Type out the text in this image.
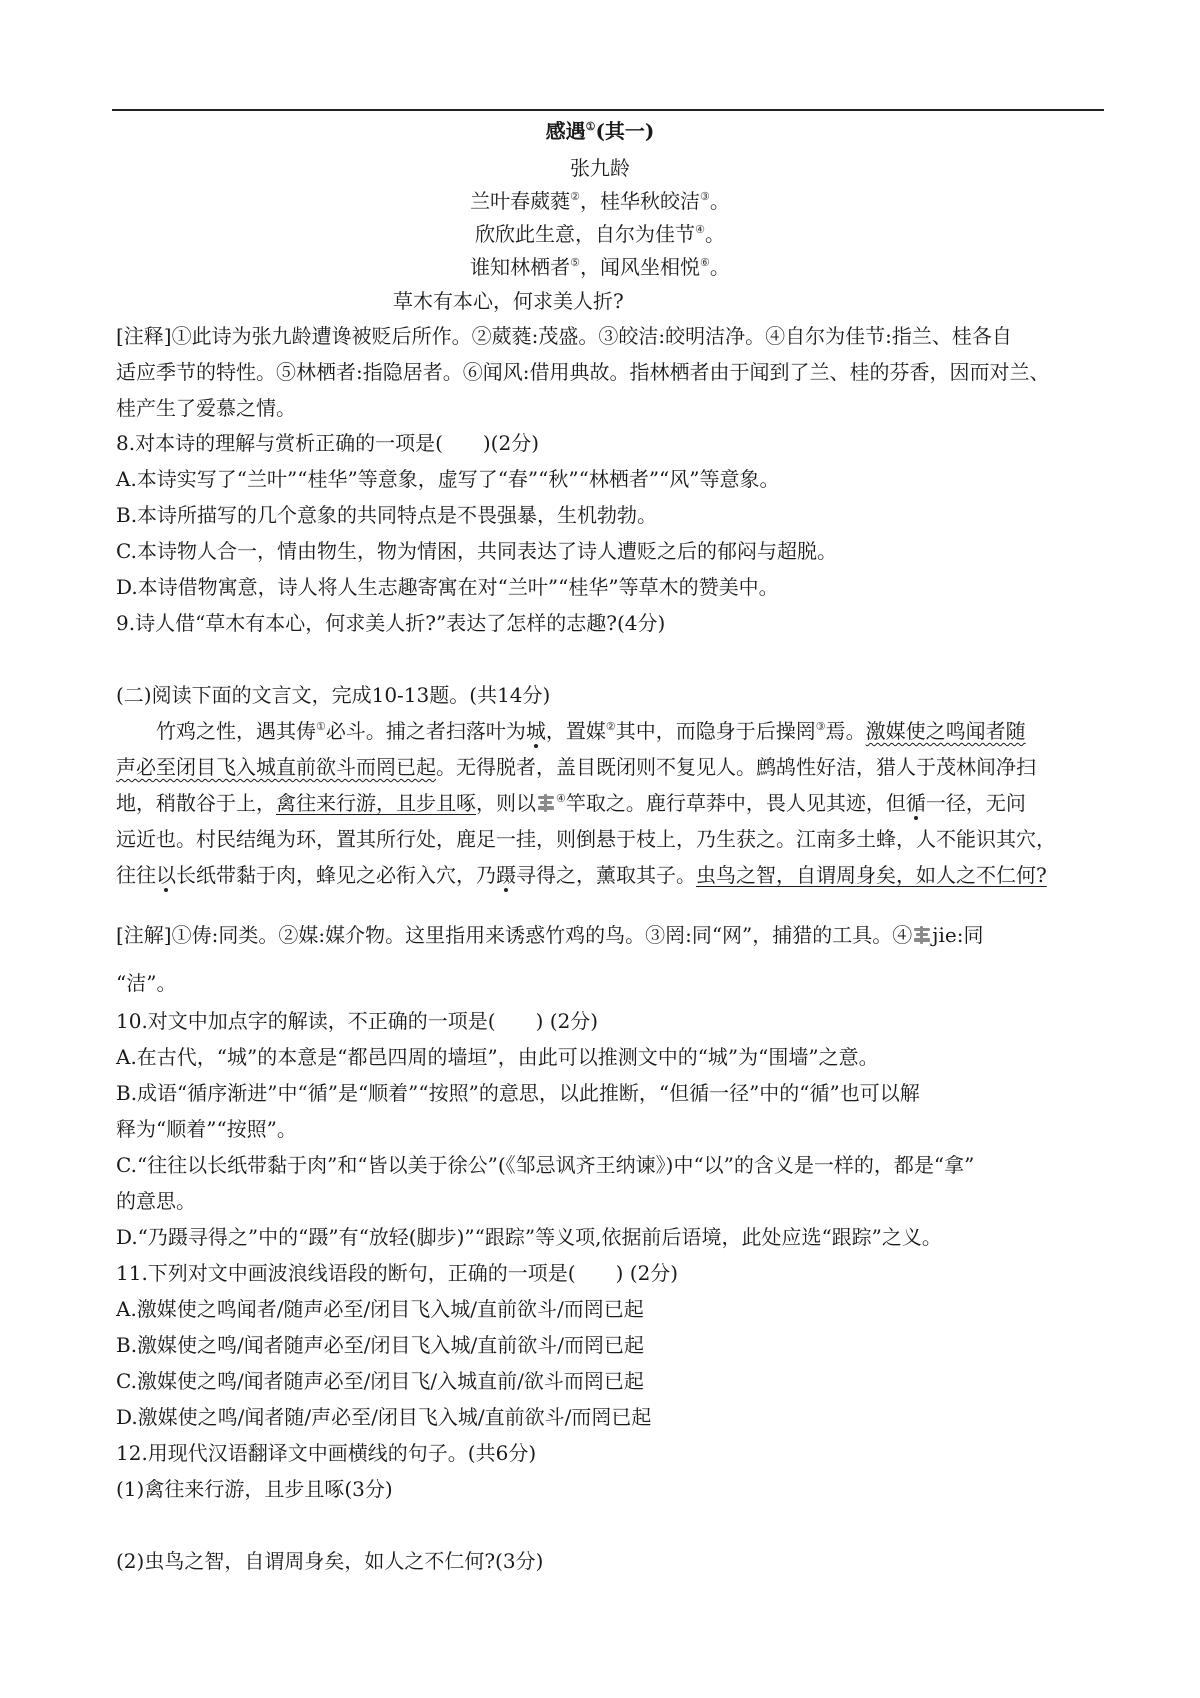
感遇①(其一)
张九龄
兰叶春葳蕤②，桂华秋皎洁③。
欣欣此生意，自尔为佳节④。
谁知林栖者⑤，闻风坐相悦⑥。
草木有本心，何求美人折?
[注释]①此诗为张九龄遭谗被贬后所作。②葳蕤:茂盛。③皎洁:皎明洁净。④自尔为佳节:指兰、桂各自
适应季节的特性。⑤林栖者:指隐居者。⑥闻风:借用典故。指林栖者由于闻到了兰、桂的芬香，因而对兰、
桂产生了爱慕之情。
8.对本诗的理解与赏析正确的一项是(　　)(2分)
A.本诗实写了“兰叶”“桂华”等意象，虚写了“春”“秋”“林栖者”“风”等意象。
B.本诗所描写的几个意象的共同特点是不畏强暴，生机勃勃。
C.本诗物人合一，情由物生，物为情困，共同表达了诗人遭贬之后的郁闷与超脱。
D.本诗借物寓意，诗人将人生志趣寄寓在对“兰叶”“桂华”等草木的赞美中。
9.诗人借“草木有本心，何求美人折?”表达了怎样的志趣?(4分)
(二)阅读下面的文言文，完成10-13题。(共14分)
竹鸡之性，遇其俦①必斗。捕之者扫落叶为城，置媒②其中，而隐身于后操罔③焉。激媒使之鸣闻者随
声必至闭目飞入城直前欲斗而罔已起。无得脱者，盖目既闭则不复见人。鹧鸪性好洁，猎人于茂林间净扫
地，稍散谷于上，禽往来行游，且步且啄，则以 ④竿取之。鹿行草莽中，畏人见其迹，但循一径，无问
远近也。村民结绳为环，置其所行处，鹿足一挂，则倒悬于枝上，乃生获之。江南多土蜂，人不能识其穴，
往往以长纸带黏于肉，蜂见之必衔入穴，乃蹑寻得之，薰取其子。虫鸟之智，自谓周身矣，如人之不仁何?
[注解]①俦:同类。②媒:媒介物。这里指用来诱惑竹鸡的鸟。③罔:同“网”，捕猎的工具。④ jie:同
“洁”。
10.对文中加点字的解读，不正确的一项是(　　) (2分)
A.在古代，“城”的本意是“都邑四周的墙垣”，由此可以推测文中的“城”为“围墙”之意。
B.成语“循序渐进”中“循”是“顺着”“按照”的意思，以此推断，“但循一径”中的“循”也可以解
释为“顺着”“按照”。
C.“往往以长纸带黏于肉”和“皆以美于徐公”(《邹忌讽齐王纳谏》)中“以”的含义是一样的，都是“拿”
的意思。
D.“乃蹑寻得之”中的“蹑”有“放轻(脚步)”“跟踪”等义项,依据前后语境，此处应选“跟踪”之义。
11.下列对文中画波浪线语段的断句，正确的一项是(　　) (2分)
A.激媒使之鸣闻者/随声必至/闭目飞入城/直前欲斗/而罔已起
B.激媒使之鸣/闻者随声必至/闭目飞入城/直前欲斗/而罔已起
C.激媒使之鸣/闻者随声必至/闭目飞/入城直前/欲斗而罔已起
D.激媒使之鸣/闻者随/声必至/闭目飞入城/直前欲斗/而罔已起
12.用现代汉语翻译文中画横线的句子。(共6分)
(1)禽往来行游，且步且啄(3分)
(2)虫鸟之智，自谓周身矣，如人之不仁何?(3分)
